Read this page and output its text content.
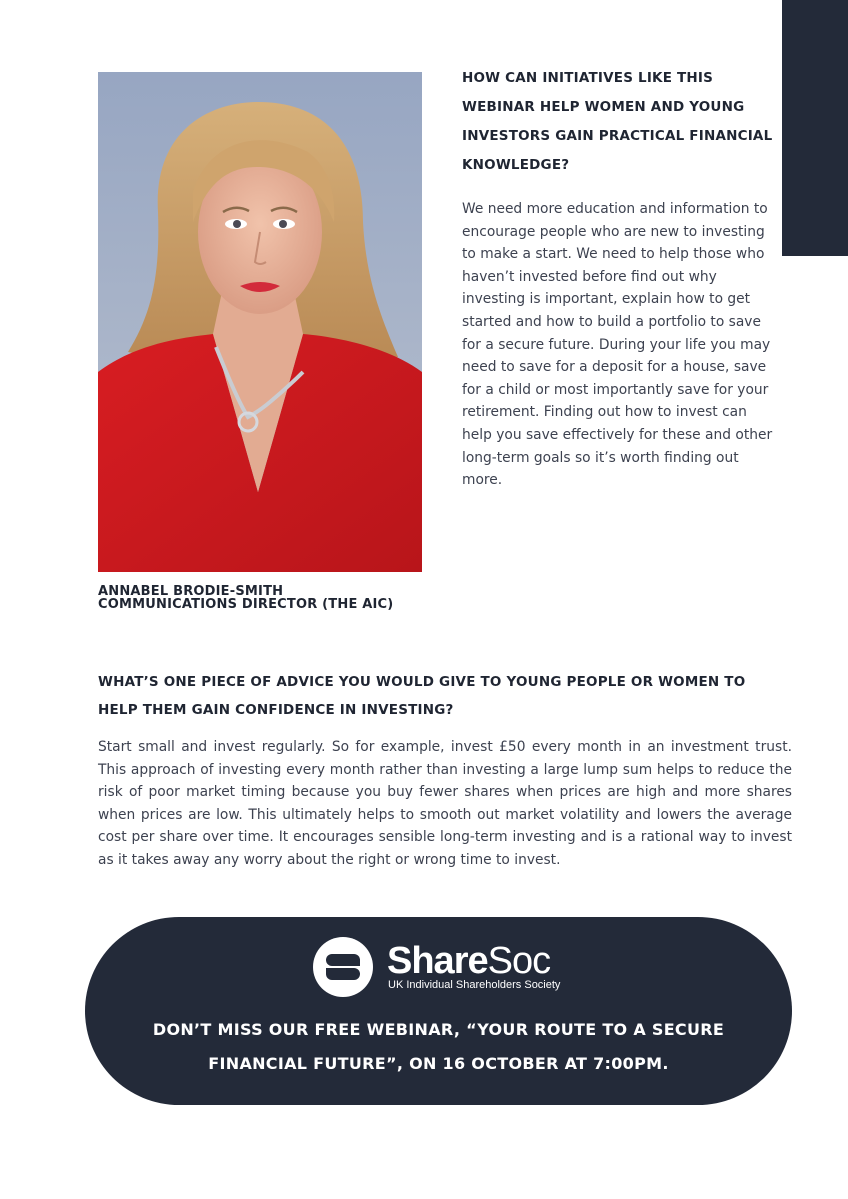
ANNABEL BRODIE-SMITH
COMMUNICATIONS DIRECTOR (THE AIC)
HOW CAN INITIATIVES LIKE THIS WEBINAR HELP WOMEN AND YOUNG INVESTORS GAIN PRACTICAL FINANCIAL KNOWLEDGE?
We need more education and information to encourage people who are new to investing to make a start. We need to help those who haven’t invested before find out why investing is important, explain how to get started and how to build a portfolio to save for a secure future. During your life you may need to save for a deposit for a house, save for a child or most importantly save for your retirement. Finding out how to invest can help you save effectively for these and other long-term goals so it’s worth finding out more.
WHAT’S ONE PIECE OF ADVICE YOU WOULD GIVE TO YOUNG PEOPLE OR WOMEN TO HELP THEM GAIN CONFIDENCE IN INVESTING?
Start small and invest regularly. So for example, invest £50 every month in an investment trust. This approach of investing every month rather than investing a large lump sum helps to reduce the risk of poor market timing because you buy fewer shares when prices are high and more shares when prices are low. This ultimately helps to smooth out market volatility and lowers the average cost per share over time. It encourages sensible long-term investing and is a rational way to invest as it takes away any worry about the right or wrong time to invest.
ShareSoc
UK Individual Shareholders Society
DON’T MISS OUR FREE WEBINAR, “YOUR ROUTE TO A SECURE FINANCIAL FUTURE”, ON 16 OCTOBER AT 7:00PM.
